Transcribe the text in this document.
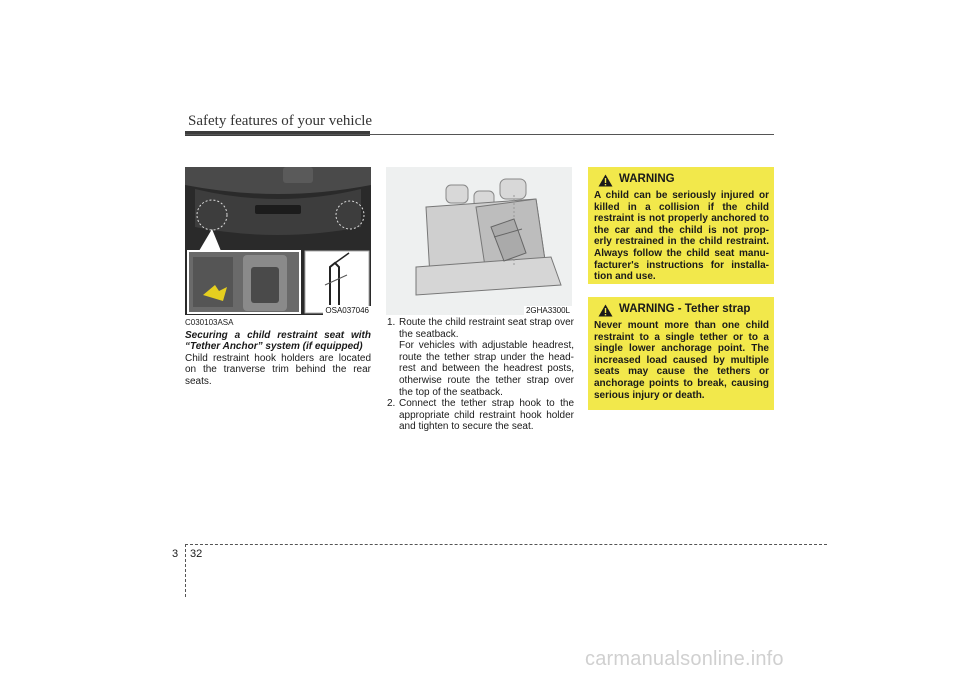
Safety features of your vehicle
OSA037046	2GHA3300L
C030103ASA
Securing a child restraint seat with
“Tether Anchor” system (if equipped)
Child restraint hook holders are located on the tranverse trim behind the rear seats.
1. Route the child restraint seat strap over the seatback.
For vehicles with adjustable headrest, route the tether strap under the head- rest and between the headrest posts, otherwise route the tether strap over the top of the seatback.
2. Connect the tether strap hook to the appropriate child restraint hook holder and tighten to secure the seat.
WARNING
A child can be seriously injured or killed in a collision if the child restraint is not properly anchored to the car and the child is not prop- erly restrained in the child restraint. Always follow the child seat manu- facturer's instructions for installa- tion and use.
WARNING - Tether strap
Never mount more than one child restraint to a single tether or to a single lower anchorage point. The increased load caused by multiple seats may cause the tethers or anchorage points to break, causing serious injury or death.
3 32
carmanualsonline.info
